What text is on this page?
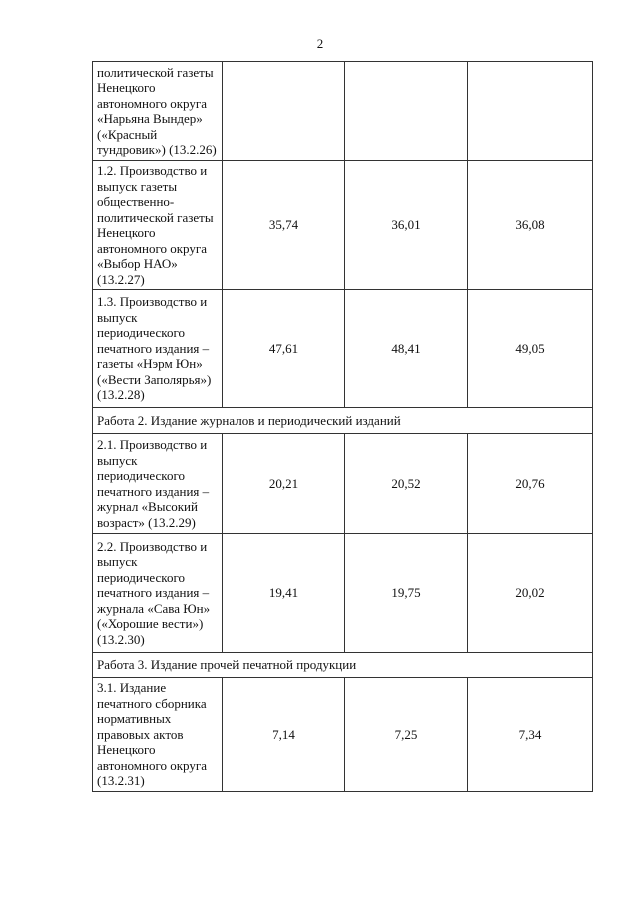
2
политической газеты
Ненецкого
автономного округа
«Нарьяна Вындер»
(«Красный
тундровик») (13.2.26)

1.2. Производство и
выпуск газеты
общественно-
политической газеты
Ненецкого
автономного округа
«Выбор НАО»
(13.2.27)
	35,74	36,01	36,08

1.3. Производство и
выпуск
периодического
печатного издания –
газеты «Нэрм Юн»
(«Вести Заполярья»)
(13.2.28)
	47,61	48,41	49,05
Работа 2. Издание журналов и периодический изданий			

2.1. Производство и
выпуск
периодического
печатного издания –
журнал «Высокий
возраст» (13.2.29)
	20,21	20,52	20,76

2.2. Производство и
выпуск
периодического
печатного издания –
журнала «Сава Юн»
(«Хорошие вести»)
(13.2.30)
	19,41	19,75	20,02
Работа 3. Издание прочей печатной продукции			

3.1. Издание
печатного сборника
нормативных
правовых актов
Ненецкого
автономного округа
(13.2.31)
	7,14	7,25	7,34
